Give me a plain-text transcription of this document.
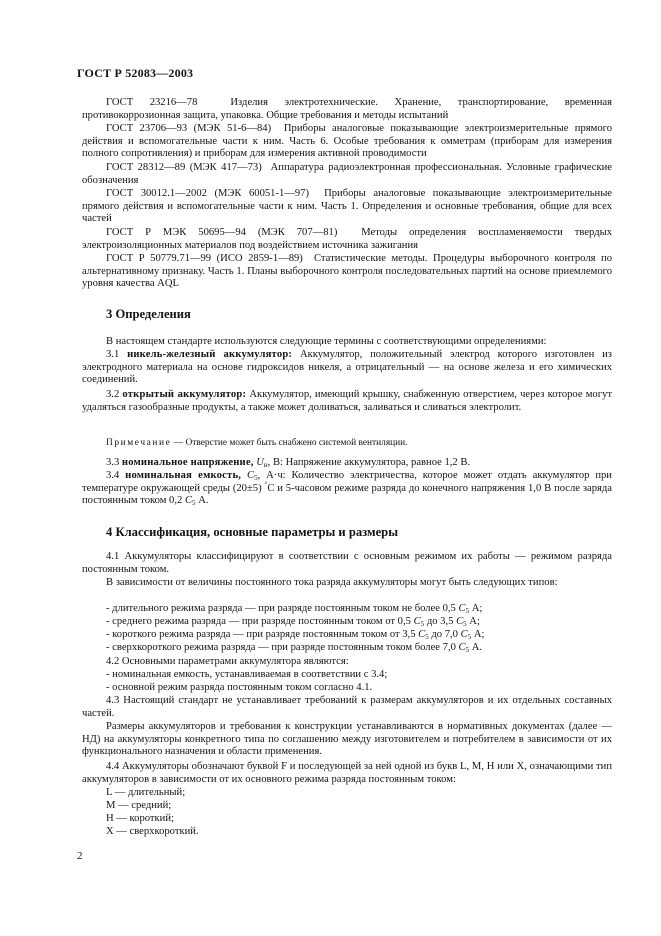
ГОСТ Р 52083—2003

ГОСТ 23216—78	Изделия электротехнические. Хранение, транспортирование, временная противокоррозионная защита, упаковка. Общие требования и методы испытаний

ГОСТ 23706—93 (МЭК 51-6—84) Приборы аналоговые показывающие электроизмерительные прямого действия и вспомогательные части к ним. Часть 6. Особые требования к омметрам (приборам для измерения полного сопротивления) и приборам для измерения активной проводимости

ГОСТ 28312—89 (МЭК 417—73) Аппаратура радиоэлектронная профессиональная. Условные графические обозначения

ГОСТ 30012.1—2002 (МЭК 60051-1—97) Приборы аналоговые показывающие электроизмерительные прямого действия и вспомогательные части к ним. Часть 1. Определения и основные требования, общие для всех частей

ГОСТ Р МЭК 50695—94 (МЭК 707—81) Методы определения воспламеняемости твердых электроизоляционных материалов под воздействием источника зажигания

ГОСТ Р 50779.71—99 (ИСО 2859-1—89) Статистические методы. Процедуры выборочного контроля по альтернативному признаку. Часть 1. Планы выборочного контроля последовательных партий на основе приемлемого уровня качества AQL

3 Определения

В настоящем стандарте используются следующие термины с соответствующими определениями:

3.1 никель-железный аккумулятор: Аккумулятор, положительный электрод которого изготовлен из электродного материала на основе гидроксидов никеля, а отрицательный — на основе железа и его химических соединений.

3.2 открытый аккумулятор: Аккумулятор, имеющий крышку, снабженную отверстием, через которое могут удаляться газообразные продукты, а также может доливаться, заливаться и сливаться электролит.

Примечание — Отверстие может быть снабжено системой вентиляции.

3.3 номинальное напряжение, $U_н$, В: Напряжение аккумулятора, равное 1,2 В.

3.4 номинальная емкость, $C_5$, А·ч: Количество электричества, которое может отдать аккумулятор при температуре окружающей среды (20±5) °С и 5-часовом режиме разряда до конечного напряжения 1,0 В после заряда постоянным током 0,2 $C_5$ А.

4 Классификация, основные параметры и размеры

4.1 Аккумуляторы классифицируют в соответствии с основным режимом их работы — режимом разряда постоянным током.

В зависимости от величины постоянного тока разряда аккумуляторы могут быть следующих типов:

- длительного режима разряда — при разряде постоянным током не более 0,5 $C_5$ А;
- среднего режима разряда — при разряде постоянным током от 0,5 $C_5$ до 3,5 $C_5$ А;
- короткого режима разряда — при разряде постоянным током от 3,5 $C_5$ до 7,0 $C_5$ А;
- сверхкороткого режима разряда — при разряде постоянным током более 7,0 $C_5$ А.
4.2 Основными параметрами аккумулятора являются:
- номинальная емкость, устанавливаемая в соответствии с 3.4;
- основной режим разряда постоянным током согласно 4.1.

4.3 Настоящий стандарт не устанавливает требований к размерам аккумуляторов и их отдельных составных частей.

Размеры аккумуляторов и требования к конструкции устанавливаются в нормативных документах (далее — НД) на аккумуляторы конкретного типа по соглашению между изготовителем и потребителем в зависимости от их функционального назначения и области применения.

4.4 Аккумуляторы обозначают буквой F и последующей за ней одной из букв L, M, H или X, означающими тип аккумуляторов в зависимости от их основного режима разряда постоянным током:

L — длительный;
M — средний;
H — короткий;
X — сверхкороткий.
2
